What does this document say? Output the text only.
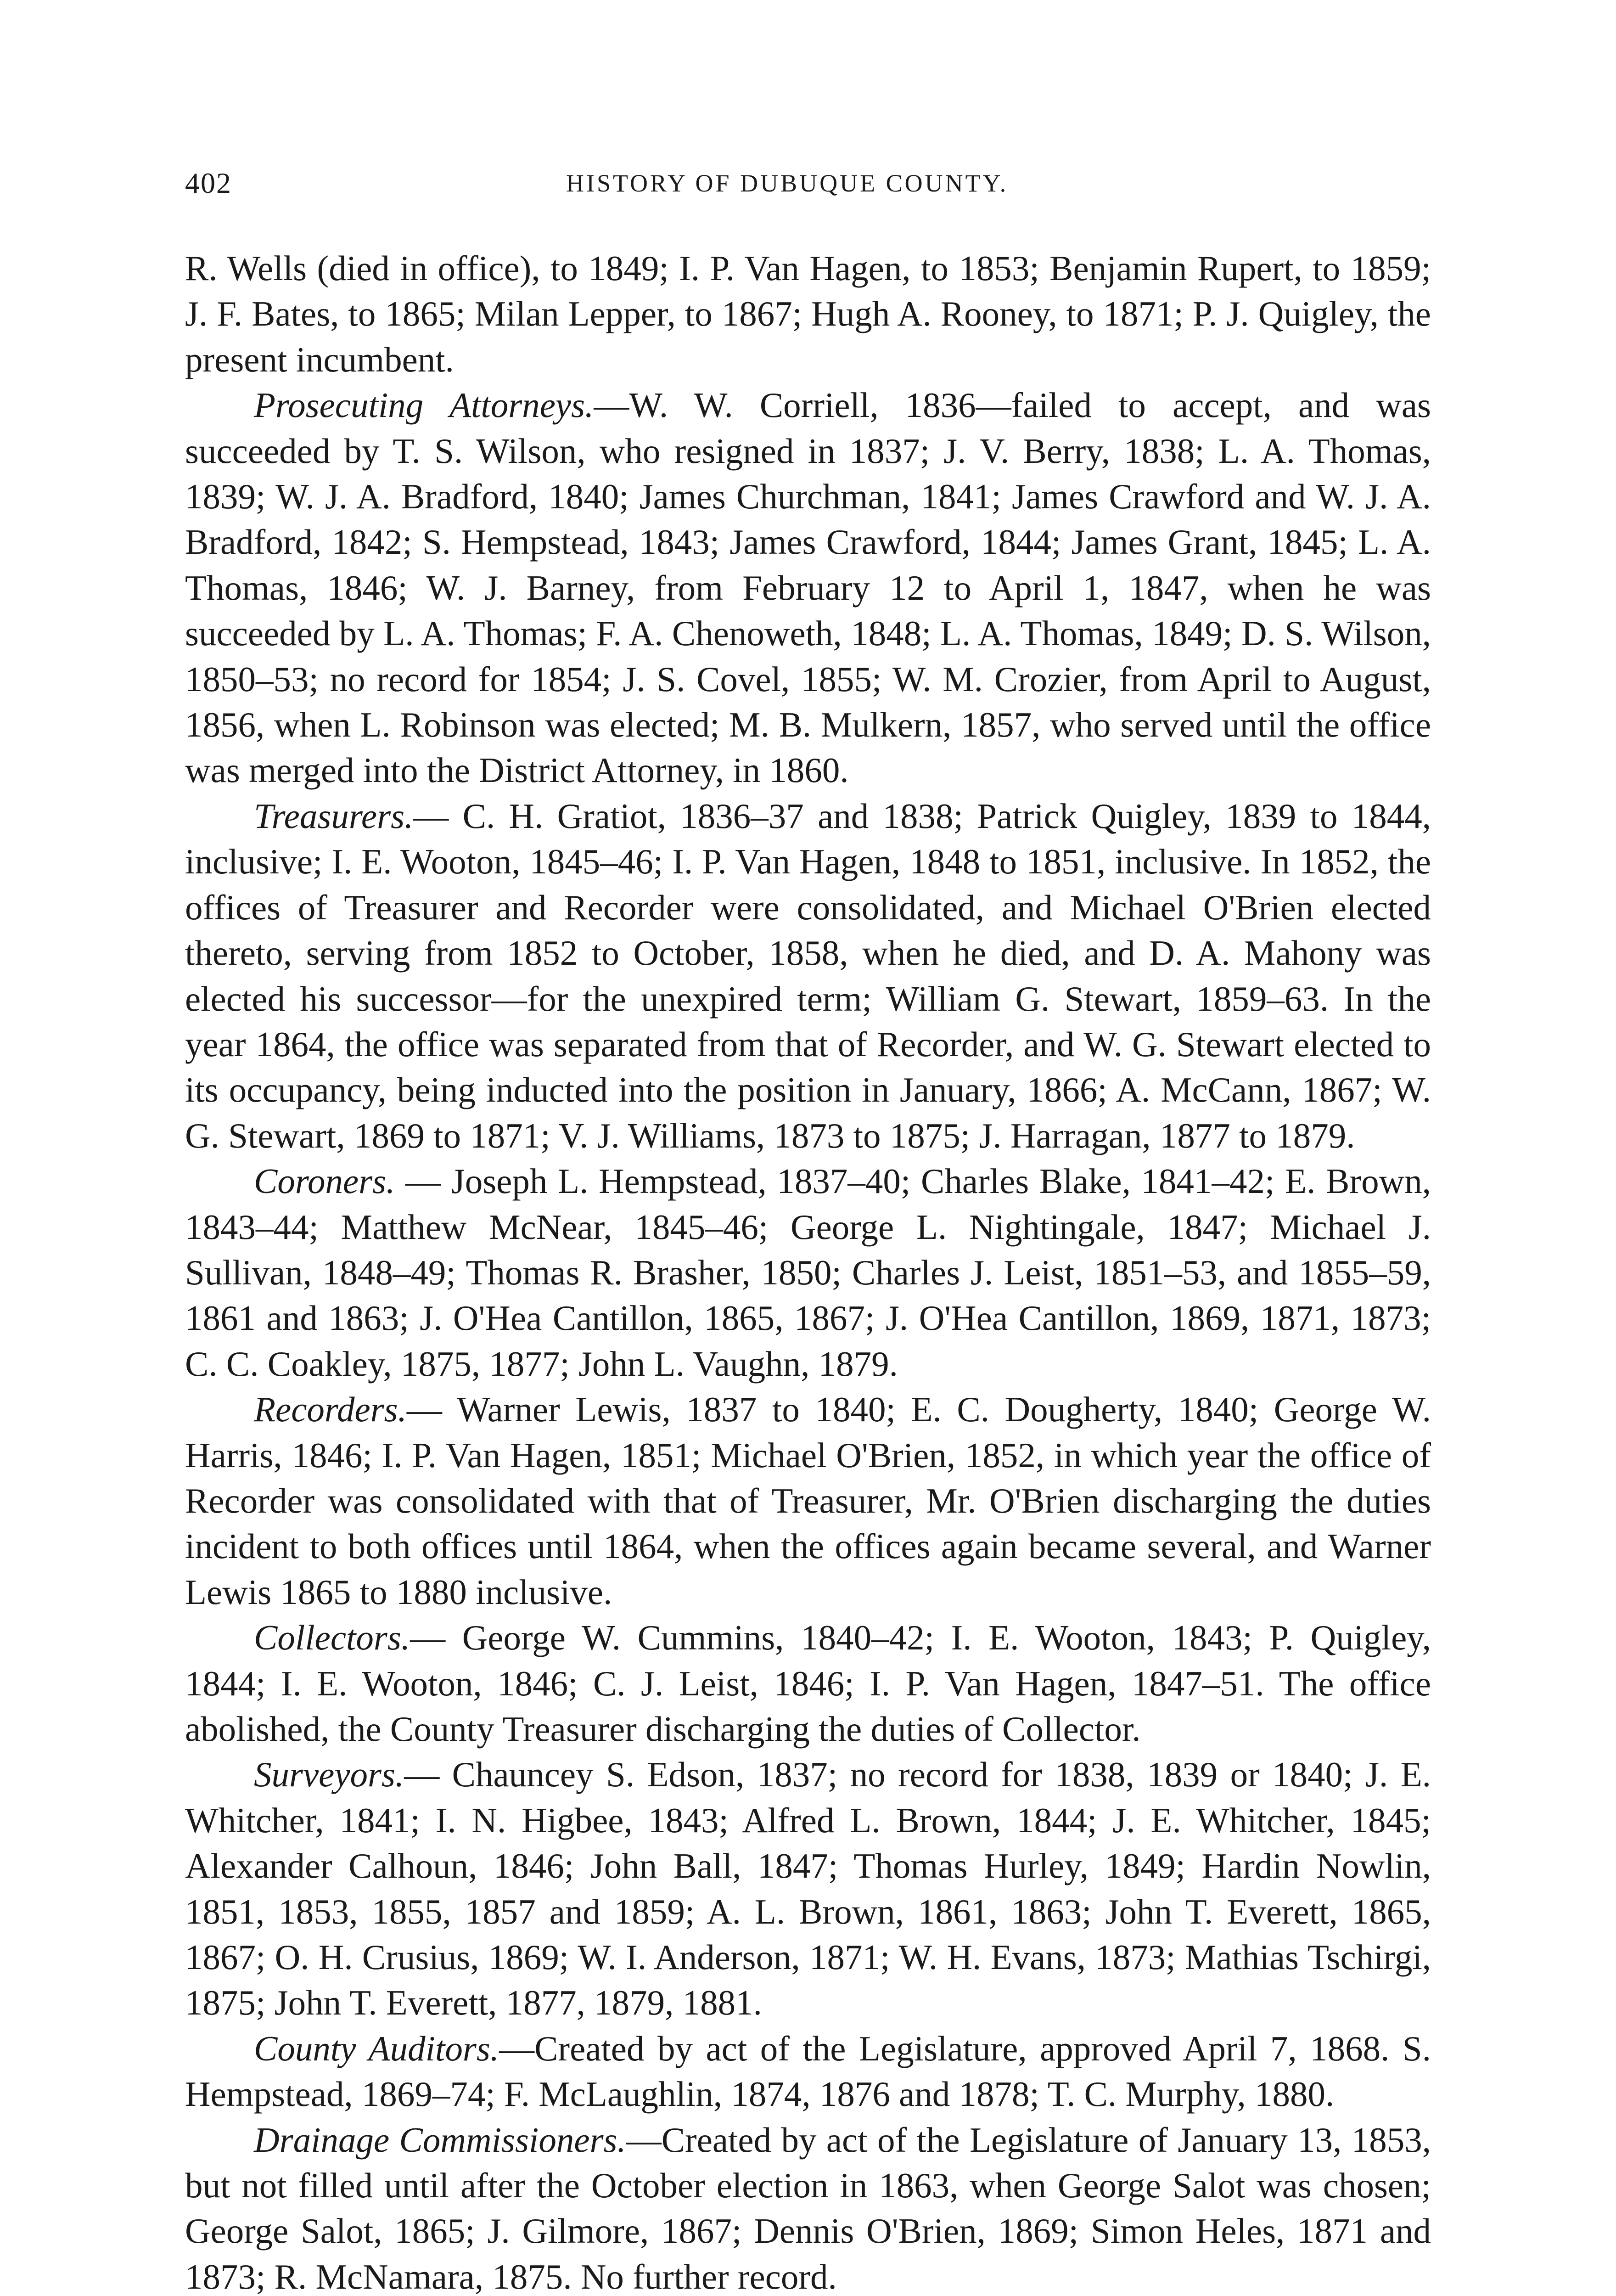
402	HISTORY OF DUBUQUE COUNTY.

R. Wells (died in office), to 1849; I. P. Van Hagen, to 1853; Benjamin Rupert, to 1859; J. F. Bates, to 1865; Milan Lepper, to 1867; Hugh A. Rooney, to 1871; P. J. Quigley, the present incumbent.

Prosecuting Attorneys.—W. W. Corriell, 1836—failed to accept, and was succeeded by T. S. Wilson, who resigned in 1837; J. V. Berry, 1838; L. A. Thomas, 1839; W. J. A. Bradford, 1840; James Churchman, 1841; James Crawford and W. J. A. Bradford, 1842; S. Hempstead, 1843; James Crawford, 1844; James Grant, 1845; L. A. Thomas, 1846; W. J. Barney, from February 12 to April 1, 1847, when he was succeeded by L. A. Thomas; F. A. Chenoweth, 1848; L. A. Thomas, 1849; D. S. Wilson, 1850–53; no record for 1854; J. S. Covel, 1855; W. M. Crozier, from April to August, 1856, when L. Robinson was elected; M. B. Mulkern, 1857, who served until the office was merged into the District Attorney, in 1860.

Treasurers.— C. H. Gratiot, 1836–37 and 1838; Patrick Quigley, 1839 to 1844, inclusive; I. E. Wooton, 1845–46; I. P. Van Hagen, 1848 to 1851, inclusive. In 1852, the offices of Treasurer and Recorder were consolidated, and Michael O'Brien elected thereto, serving from 1852 to October, 1858, when he died, and D. A. Mahony was elected his successor—for the unexpired term; William G. Stewart, 1859–63. In the year 1864, the office was separated from that of Recorder, and W. G. Stewart elected to its occupancy, being inducted into the position in January, 1866; A. McCann, 1867; W. G. Stewart, 1869 to 1871; V. J. Williams, 1873 to 1875; J. Harragan, 1877 to 1879.

Coroners. — Joseph L. Hempstead, 1837–40; Charles Blake, 1841–42; E. Brown, 1843–44; Matthew McNear, 1845–46; George L. Nightingale, 1847; Michael J. Sullivan, 1848–49; Thomas R. Brasher, 1850; Charles J. Leist, 1851–53, and 1855–59, 1861 and 1863; J. O'Hea Cantillon, 1865, 1867; J. O'Hea Cantillon, 1869, 1871, 1873; C. C. Coakley, 1875, 1877; John L. Vaughn, 1879.

Recorders.— Warner Lewis, 1837 to 1840; E. C. Dougherty, 1840; George W. Harris, 1846; I. P. Van Hagen, 1851; Michael O'Brien, 1852, in which year the office of Recorder was consolidated with that of Treasurer, Mr. O'Brien discharging the duties incident to both offices until 1864, when the offices again became several, and Warner Lewis 1865 to 1880 inclusive.

Collectors.— George W. Cummins, 1840–42; I. E. Wooton, 1843; P. Quigley, 1844; I. E. Wooton, 1846; C. J. Leist, 1846; I. P. Van Hagen, 1847–51. The office abolished, the County Treasurer discharging the duties of Collector.

Surveyors.— Chauncey S. Edson, 1837; no record for 1838, 1839 or 1840; J. E. Whitcher, 1841; I. N. Higbee, 1843; Alfred L. Brown, 1844; J. E. Whitcher, 1845; Alexander Calhoun, 1846; John Ball, 1847; Thomas Hurley, 1849; Hardin Nowlin, 1851, 1853, 1855, 1857 and 1859; A. L. Brown, 1861, 1863; John T. Everett, 1865, 1867; O. H. Crusius, 1869; W. I. Anderson, 1871; W. H. Evans, 1873; Mathias Tschirgi, 1875; John T. Everett, 1877, 1879, 1881.

County Auditors.—Created by act of the Legislature, approved April 7, 1868. S. Hempstead, 1869–74; F. McLaughlin, 1874, 1876 and 1878; T. C. Murphy, 1880.

Drainage Commissioners.—Created by act of the Legislature of January 13, 1853, but not filled until after the October election in 1863, when George Salot was chosen; George Salot, 1865; J. Gilmore, 1867; Dennis O'Brien, 1869; Simon Heles, 1871 and 1873; R. McNamara, 1875. No further record.
